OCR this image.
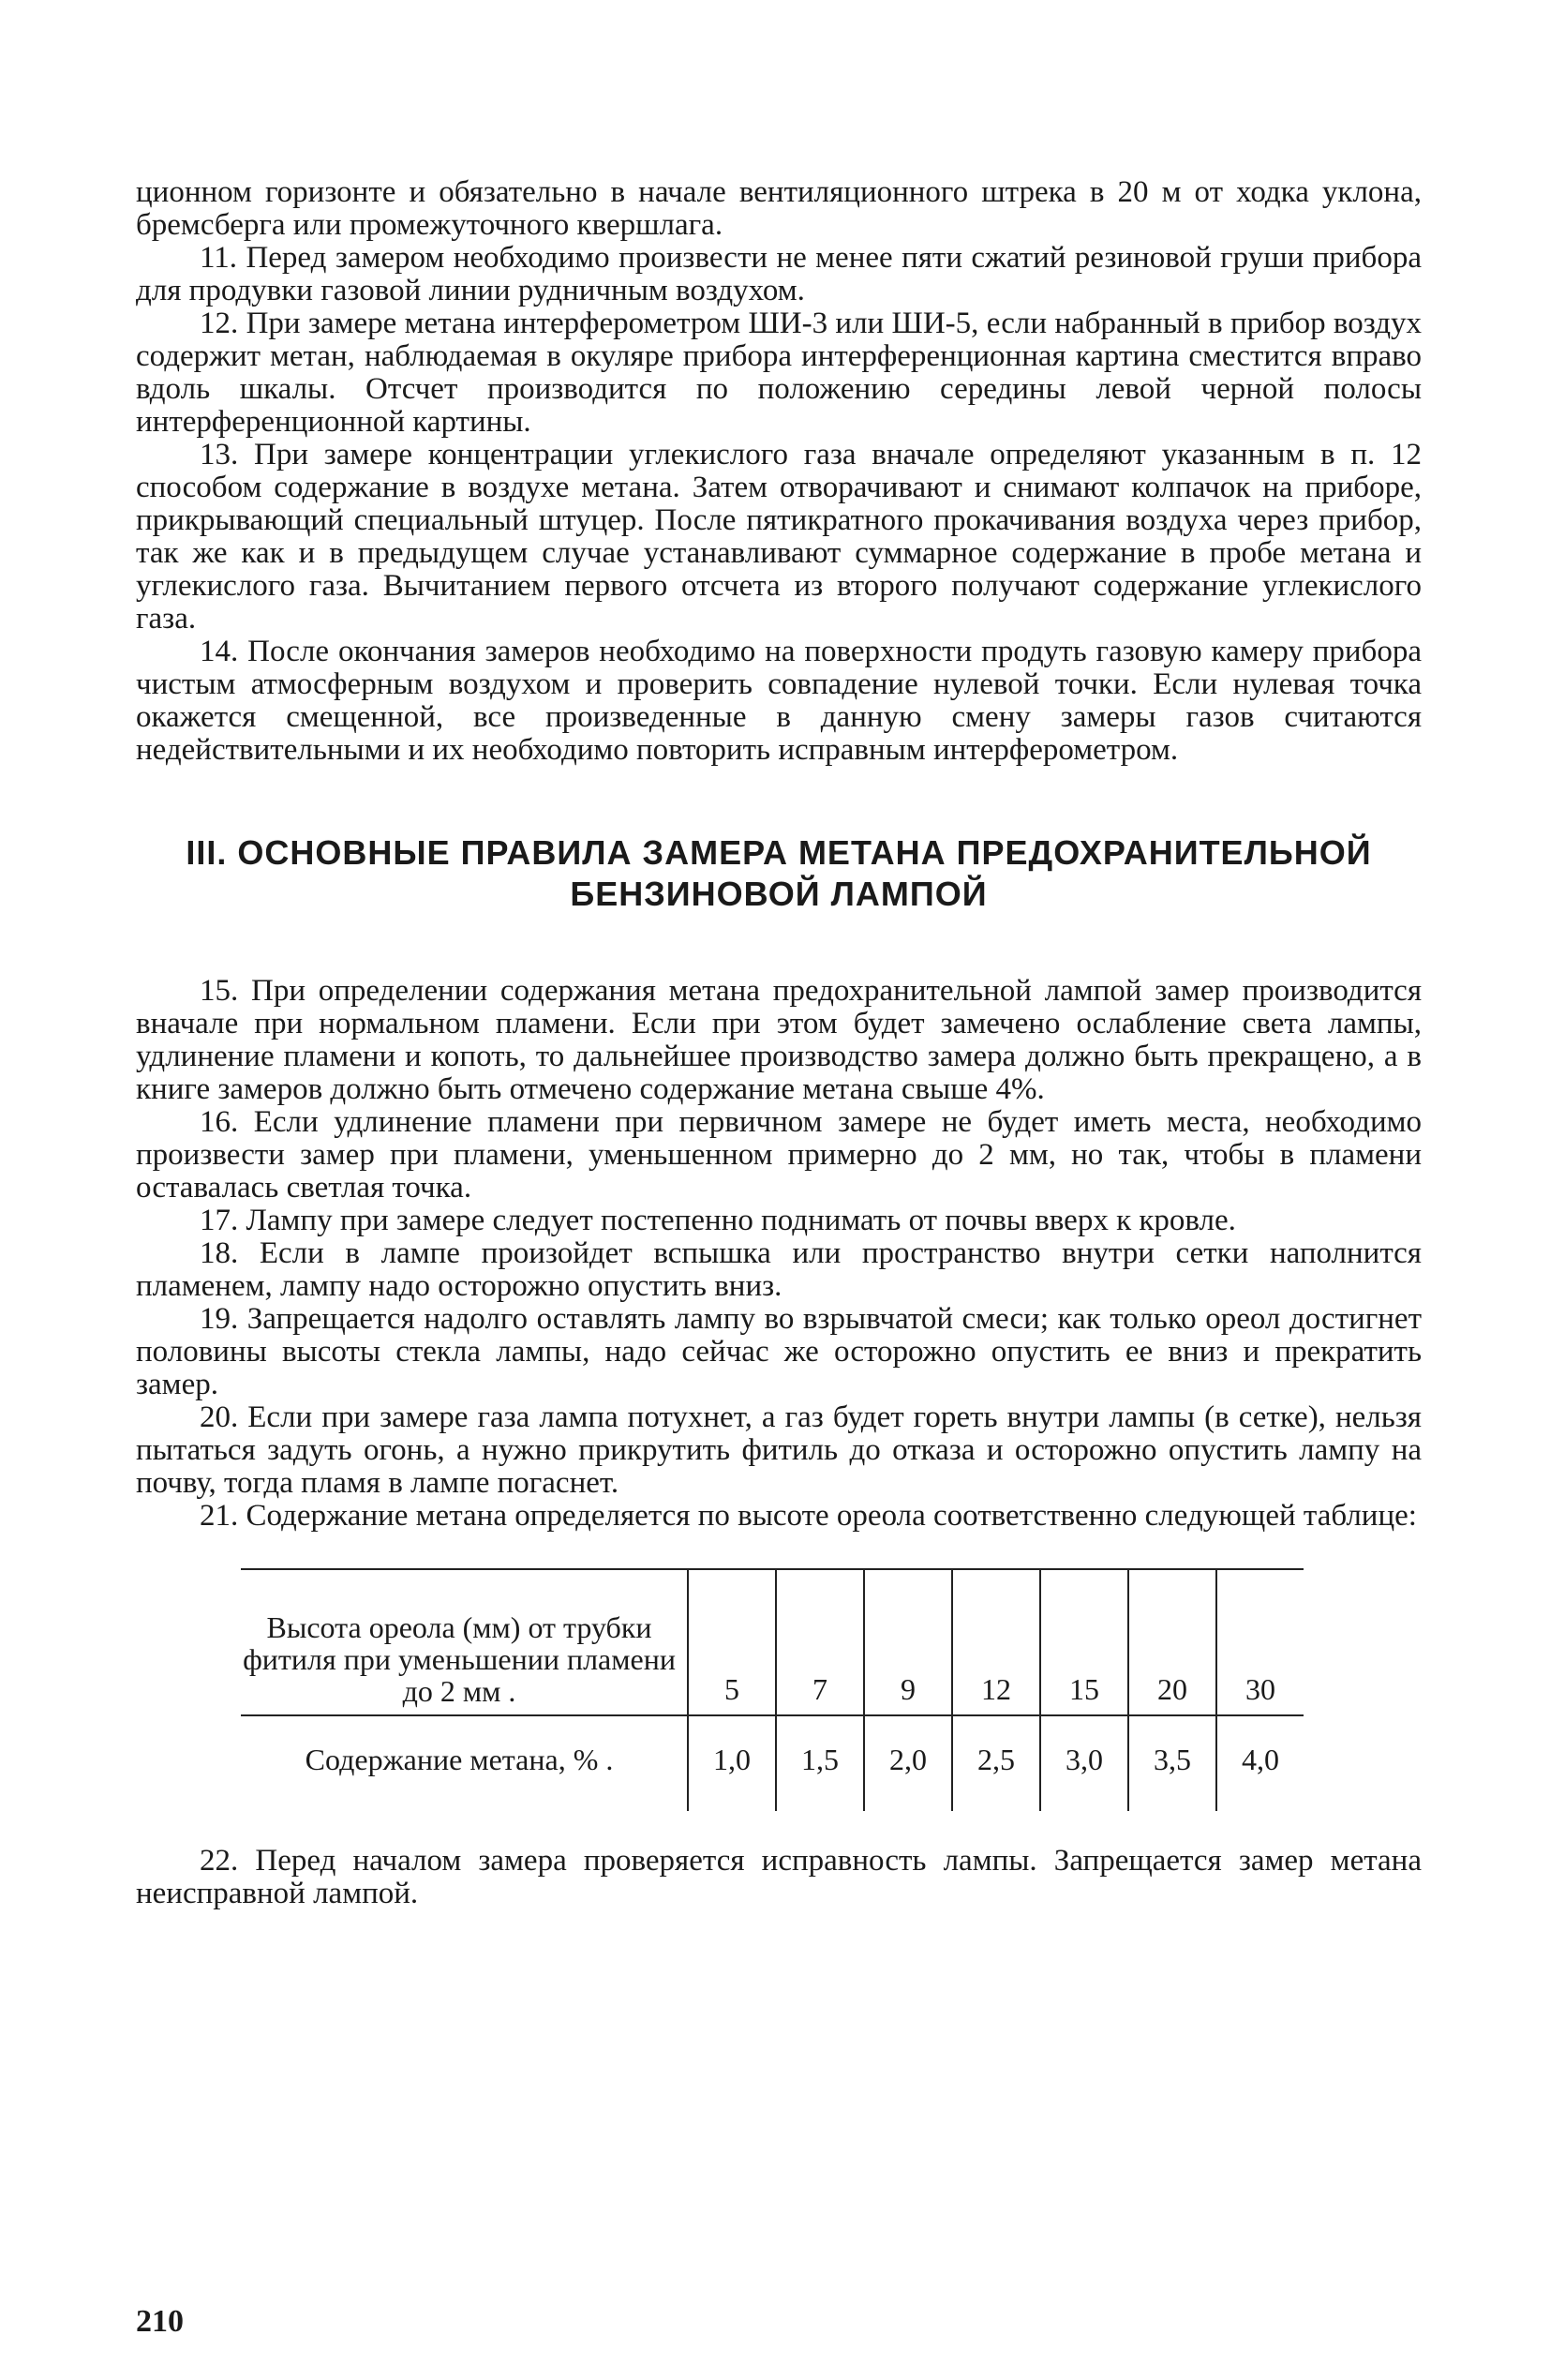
ционном горизонте и обязательно в начале вентиляционного штрека в 20 м от ходка уклона, бремсберга или промежуточного квершлага.

11. Перед замером необходимо произвести не менее пяти сжатий резиновой груши прибора для продувки газовой линии рудничным воздухом.

12. При замере метана интерферометром ШИ-3 или ШИ-5, если набранный в прибор воздух содержит метан, наблюдаемая в окуляре прибора интерференционная картина сместится вправо вдоль шкалы. Отсчет производится по положению середины левой черной полосы интерференционной картины.

13. При замере концентрации углекислого газа вначале определяют указанным в п. 12 способом содержание в воздухе метана. Затем отворачивают и снимают колпачок на приборе, прикрывающий специальный штуцер. После пятикратного прокачивания воздуха через прибор, так же как и в предыдущем случае устанавливают суммарное содержание в пробе метана и углекислого газа. Вычитанием первого отсчета из второго получают содержание углекислого газа.

14. После окончания замеров необходимо на поверхности продуть газовую камеру прибора чистым атмосферным воздухом и проверить совпадение нулевой точки. Если нулевая точка окажется смещенной, все произведенные в данную смену замеры газов считаются недействительными и их необходимо повторить исправным интерферометром.

III. ОСНОВНЫЕ ПРАВИЛА ЗАМЕРА МЕТАНА ПРЕДОХРАНИТЕЛЬНОЙ
БЕНЗИНОВОЙ ЛАМПОЙ

15. При определении содержания метана предохранительной лампой замер производится вначале при нормальном пламени. Если при этом будет замечено ослабление света лампы, удлинение пламени и копоть, то дальнейшее производство замера должно быть прекращено, а в книге замеров должно быть отмечено содержание метана свыше 4%.

16. Если удлинение пламени при первичном замере не будет иметь места, необходимо произвести замер при пламени, уменьшенном примерно до 2 мм, но так, чтобы в пламени оставалась светлая точка.

17. Лампу при замере следует постепенно поднимать от почвы вверх к кровле.

18. Если в лампе произойдет вспышка или пространство внутри сетки наполнится пламенем, лампу надо осторожно опустить вниз.

19. Запрещается надолго оставлять лампу во взрывчатой смеси; как только ореол достигнет половины высоты стекла лампы, надо сейчас же осторожно опустить ее вниз и прекратить замер.

20. Если при замере газа лампа потухнет, а газ будет гореть внутри лампы (в сетке), нельзя пытаться задуть огонь, а нужно прикрутить фитиль до отказа и осторожно опустить лампу на почву, тогда пламя в лампе погаснет.

21. Содержание метана определяется по высоте ореола соответственно следующей таблице:

Высота ореола (мм) от трубки фитиля при уменьшении пламени до 2 мм .	5	7	9	12	15	20	30
Содержание метана, % .	1,0	1,5	2,0	2,5	3,0	3,5	4,0

22. Перед началом замера проверяется исправность лампы. Запрещается замер метана неисправной лампой.

210
